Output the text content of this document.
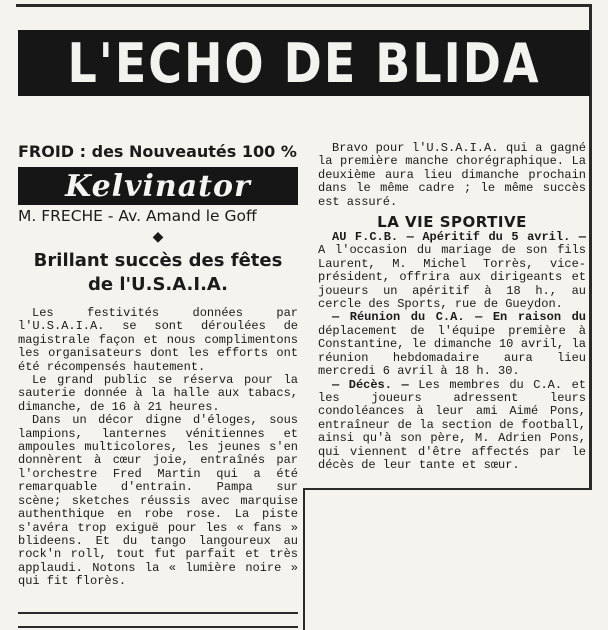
L'ECHO DE BLIDA
FROID : des Nouveautés 100 %
Kelvinator
M. FRECHE - Av. Amand le Goff
◆
Brillant succès des fêtes
de l'U.S.A.I.A.

Les festivités données par l'U.S.A.I.A. se sont déroulées de magistrale façon et nous complimentons les organisateurs dont les efforts ont été récompensés hautement.

Le grand public se réserva pour la sauterie donnée à la halle aux tabacs, dimanche, de 16 à 21 heures.

Dans un décor digne d'éloges, sous lampions, lanternes vénitiennes et ampoules multicolores, les jeunes s'en donnèrent à cœur joie, entraînés par l'orchestre Fred Martin qui a été remarquable d'entrain. Pampa sur scène; sketches réussis avec marquise authenthique en robe rose. La piste s'avéra trop exiguë pour les « fans » blideens. Et du tango langoureux au rock'n roll, tout fut parfait et très applaudi. Notons la « lumière noire » qui fit florès.

Bravo pour l'U.S.A.I.A. qui a gagné la première manche chorégraphique. La deuxième aura lieu dimanche prochain dans le même cadre ; le même succès est assuré.

LA VIE SPORTIVE

AU F.C.B. — Apéritif du 5 avril. — A l'occasion du mariage de son fils Laurent, M. Michel Torrès, vice-président, offrira aux dirigeants et joueurs un apéritif à 18 h., au cercle des Sports, rue de Gueydon.

— Réunion du C.A. — En raison du déplacement de l'équipe première à Constantine, le dimanche 10 avril, la réunion hebdomadaire aura lieu mercredi 6 avril à 18 h. 30.

— Décès. — Les membres du C.A. et les joueurs adressent leurs condoléances à leur ami Aimé Pons, entraîneur de la section de football, ainsi qu'à son père, M. Adrien Pons, qui viennent d'être affectés par le décès de leur tante et sœur.
